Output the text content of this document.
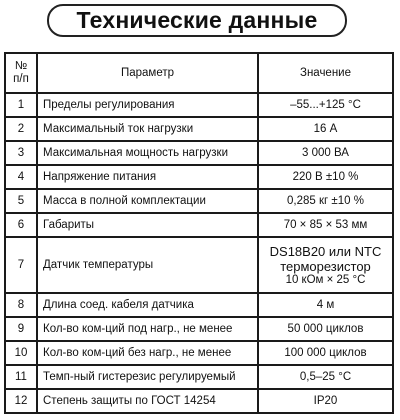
Технические данные
№
п/п	Параметр	Значение
1	Пределы регулирования	–55...+125 °С
2	Максимальный ток нагрузки	16 А
3	Максимальная мощность нагрузки	3 000 ВА
4	Напряжение питания	220 В ±10 %
5	Масса в полной комплектации	0,285 кг ±10 %
6	Габариты	70 × 85 × 53 мм
7	Датчик температуры	DS18B20 или NTC
терморезистор
10 кОм × 25 °С

8	Длина соед. кабеля датчика	4 м
9	Кол-во ком-ций под нагр., не менее	50 000 циклов
10	Кол-во ком-ций без нагр., не менее	100 000 циклов
11	Темп-ный гистерезис регулируемый	0,5–25 °С
12	Степень защиты по ГОСТ 14254	IP20
